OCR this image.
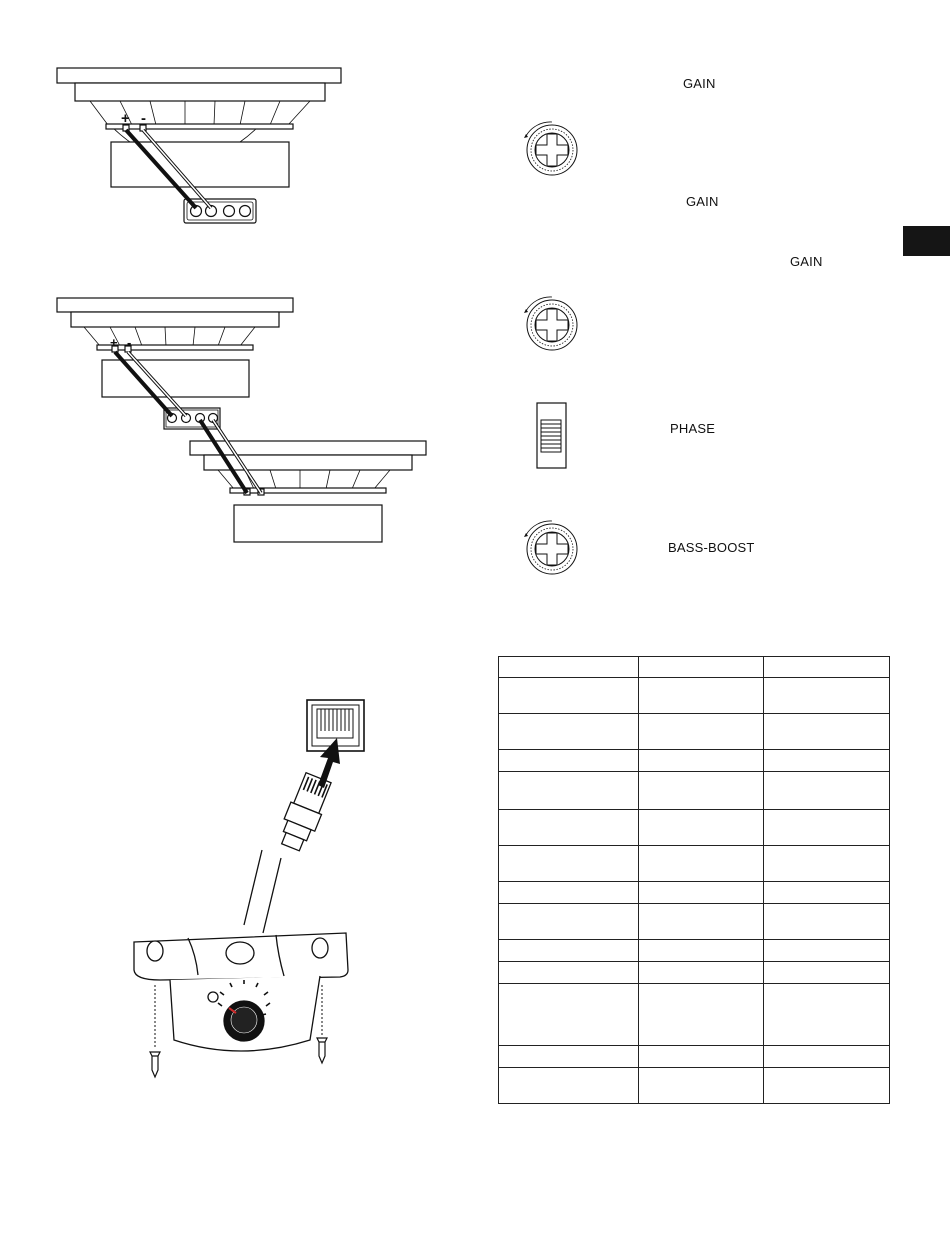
+ -
+ -
GAIN
GAIN
GAIN
PHASE
BASS-BOOST
